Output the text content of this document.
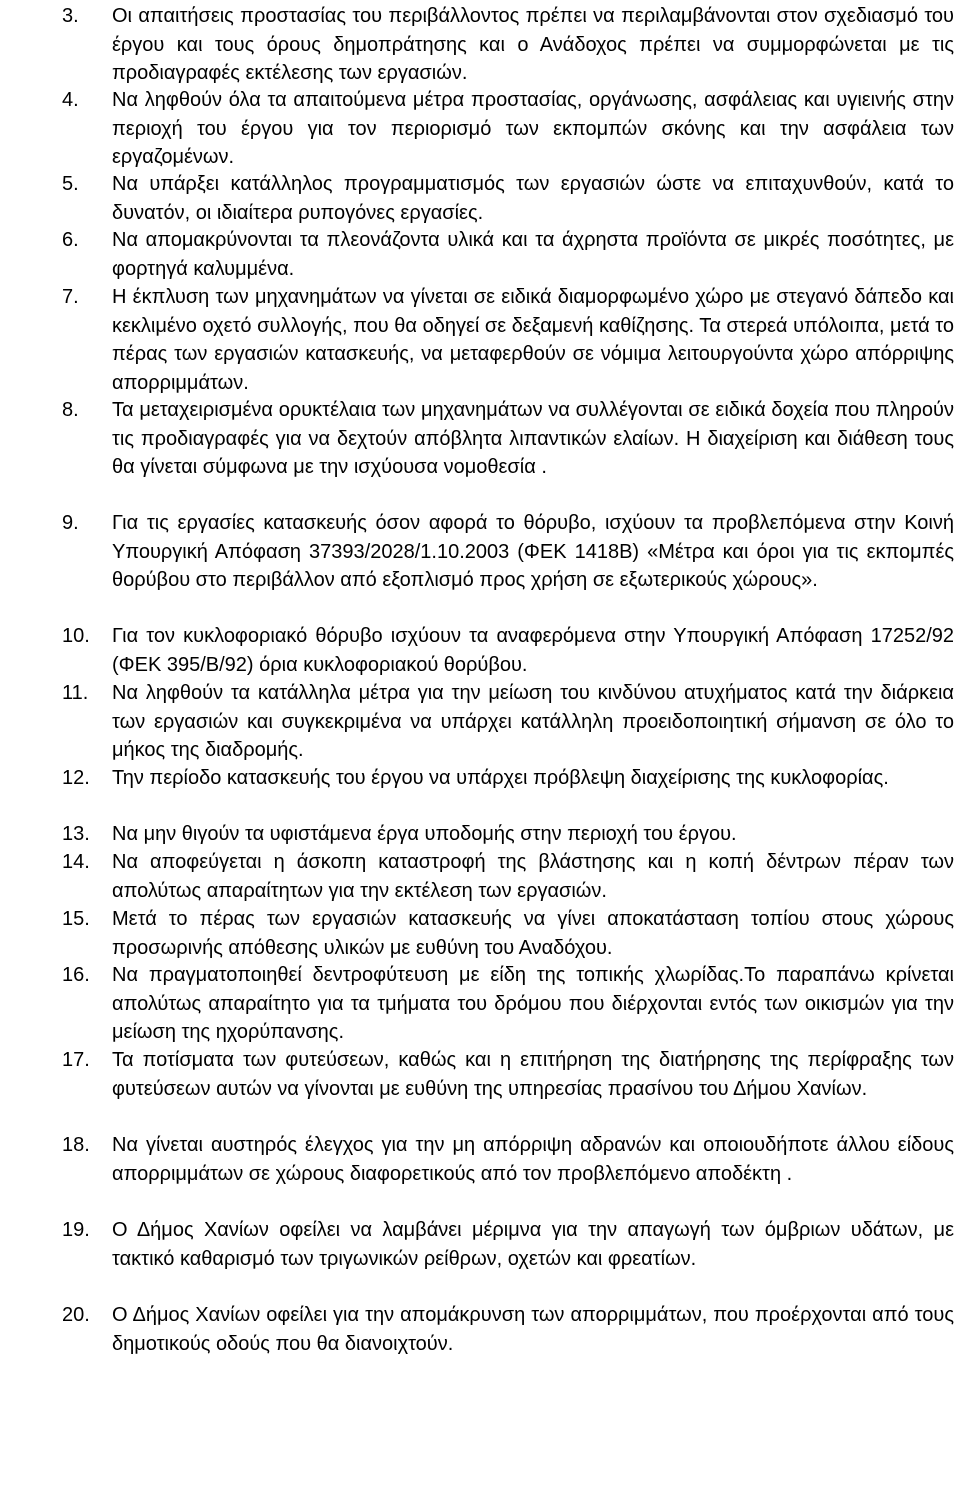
3. Οι απαιτήσεις προστασίας του περιβάλλοντος πρέπει να περιλαμβάνονται στον σχεδιασμό του έργου και τους όρους δημοπράτησης και ο Ανάδοχος πρέπει να συμμορφώνεται με τις προδιαγραφές εκτέλεσης των εργασιών.
4. Να ληφθούν όλα τα απαιτούμενα μέτρα προστασίας, οργάνωσης, ασφάλειας και υγιεινής στην περιοχή του έργου για τον περιορισμό των εκπομπών σκόνης και την ασφάλεια των εργαζομένων.
5. Να υπάρξει κατάλληλος προγραμματισμός των εργασιών ώστε να επιταχυνθούν, κατά το δυνατόν, οι ιδιαίτερα ρυπογόνες εργασίες.
6. Να απομακρύνονται τα πλεονάζοντα υλικά και τα άχρηστα προϊόντα σε μικρές ποσότητες, με φορτηγά καλυμμένα.
7. Η έκπλυση των μηχανημάτων να γίνεται σε ειδικά διαμορφωμένο χώρο με στεγανό δάπεδο και κεκλιμένο οχετό συλλογής, που θα οδηγεί σε δεξαμενή καθίζησης. Τα στερεά υπόλοιπα, μετά το πέρας των εργασιών κατασκευής, να μεταφερθούν σε νόμιμα λειτουργούντα χώρο απόρριψης απορριμμάτων.
8. Τα μεταχειρισμένα ορυκτέλαια των μηχανημάτων να συλλέγονται σε ειδικά δοχεία που πληρούν τις προδιαγραφές για να δεχτούν απόβλητα λιπαντικών ελαίων. Η διαχείριση και διάθεση τους θα γίνεται σύμφωνα με την ισχύουσα νομοθεσία .
9. Για τις εργασίες κατασκευής όσον αφορά το θόρυβο, ισχύουν τα προβλεπόμενα στην Κοινή Υπουργική Απόφαση 37393/2028/1.10.2003 (ΦΕΚ 1418Β) «Μέτρα και όροι για τις εκπομπές θορύβου στο περιβάλλον από εξοπλισμό προς χρήση σε εξωτερικούς χώρους».
10. Για τον κυκλοφοριακό θόρυβο ισχύουν τα αναφερόμενα στην Υπουργική Απόφαση 17252/92 (ΦΕΚ 395/Β/92) όρια κυκλοφοριακού θορύβου.
11. Να ληφθούν τα κατάλληλα μέτρα για την μείωση του κινδύνου ατυχήματος κατά την διάρκεια των εργασιών και συγκεκριμένα να υπάρχει κατάλληλη προειδοποιητική σήμανση σε όλο το μήκος της διαδρομής.
12. Την περίοδο κατασκευής του έργου να υπάρχει πρόβλεψη διαχείρισης της κυκλοφορίας.
13. Να μην θιγούν τα υφιστάμενα έργα υποδομής στην περιοχή του έργου.
14. Να αποφεύγεται η άσκοπη καταστροφή της βλάστησης και η κοπή δέντρων πέραν των απολύτως απαραίτητων για την εκτέλεση των εργασιών.
15. Μετά το πέρας των εργασιών κατασκευής να γίνει αποκατάσταση τοπίου στους χώρους προσωρινής απόθεσης υλικών με ευθύνη του Αναδόχου.
16. Να πραγματοποιηθεί δεντροφύτευση με είδη της τοπικής χλωρίδας.Το παραπάνω κρίνεται απολύτως απαραίτητο για τα τμήματα του δρόμου που διέρχονται εντός των οικισμών για την μείωση της ηχορύπανσης.
17. Τα ποτίσματα των φυτεύσεων, καθώς και η επιτήρηση της διατήρησης της περίφραξης των φυτεύσεων αυτών να γίνονται με ευθύνη της υπηρεσίας πρασίνου του Δήμου Χανίων.
18. Να γίνεται αυστηρός έλεγχος για την μη απόρριψη αδρανών και οποιουδήποτε άλλου είδους απορριμμάτων σε χώρους διαφορετικούς από τον προβλεπόμενο αποδέκτη .
19. Ο Δήμος Χανίων οφείλει να λαμβάνει μέριμνα για την απαγωγή των όμβριων υδάτων, με τακτικό καθαρισμό των τριγωνικών ρείθρων, οχετών και φρεατίων.
20. Ο Δήμος Χανίων οφείλει για την απομάκρυνση των απορριμμάτων, που προέρχονται από τους δημοτικούς οδούς που θα διανοιχτούν.
